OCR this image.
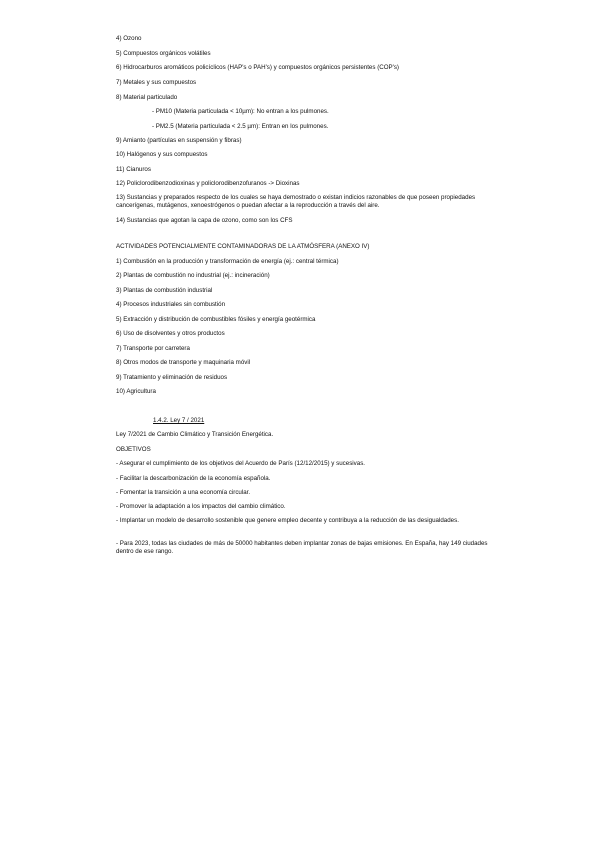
4) Ozono
5) Compuestos orgánicos volátiles
6) Hidrocarburos aromáticos policíclicos (HAP's o PAH's) y compuestos orgánicos persistentes (COP's)
7) Metales y sus compuestos
8) Material particulado
- PM10 (Materia particulada < 10µm): No entran a los pulmones.
- PM2.5 (Materia particulada < 2.5 µm): Entran en los pulmones.
9) Amianto (partículas en suspensión y fibras)
10) Halógenos y sus compuestos
11) Cianuros
12) Policlorodibenzodioxinas y policlorodibenzofuranos -> Dioxinas
13) Sustancias y preparados respecto de los cuales se haya demostrado o existan indicios razonables de que poseen propiedades cancerígenas, mutágenos, xenoestrógenos o puedan afectar a la reproducción a través del aire.
14) Sustancias que agotan la capa de ozono, como son los CFS
ACTIVIDADES POTENCIALMENTE CONTAMINADORAS DE LA ATMÓSFERA (ANEXO IV)
1) Combustión en la producción y transformación de energía (ej.: central térmica)
2) Plantas de combustión no industrial (ej.: incineración)
3) Plantas de combustión industrial
4) Procesos industriales sin combustión
5) Extracción y distribución de combustibles fósiles y energía geotérmica
6) Uso de disolventes y otros productos
7) Transporte por carretera
8) Otros modos de transporte y maquinaria móvil
9) Tratamiento y eliminación de residuos
10) Agricultura
1.4.2. Ley 7 / 2021
Ley 7/2021 de Cambio Climático y Transición Energética.
OBJETIVOS
- Asegurar el cumplimiento de los objetivos del Acuerdo de París (12/12/2015) y sucesivas.
- Facilitar la descarbonización de la economía española.
- Fomentar la transición a una economía circular.
- Promover la adaptación a los impactos del cambio climático.
- Implantar un modelo de desarrollo sostenible que genere empleo decente y contribuya a la reducción de las desigualdades.
- Para 2023, todas las ciudades de más de 50000 habitantes deben implantar zonas de bajas emisiones. En España, hay 149 ciudades dentro de ese rango.
